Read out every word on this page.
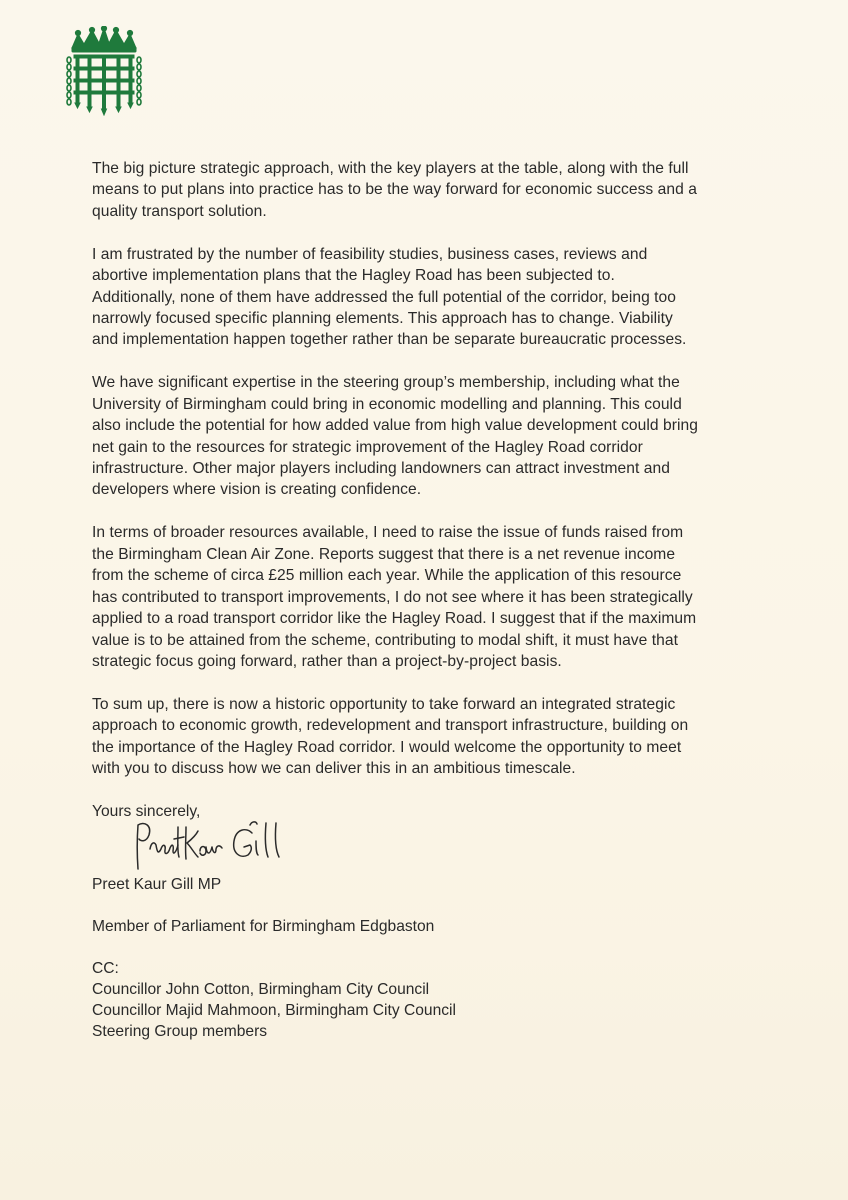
The big picture strategic approach, with the key players at the table, along with the full
means to put plans into practice has to be the way forward for economic success and a
quality transport solution.

I am frustrated by the number of feasibility studies, business cases, reviews and
abortive implementation plans that the Hagley Road has been subjected to.
Additionally, none of them have addressed the full potential of the corridor, being too
narrowly focused specific planning elements. This approach has to change. Viability
and implementation happen together rather than be separate bureaucratic processes.

We have significant expertise in the steering group’s membership, including what the
University of Birmingham could bring in economic modelling and planning. This could
also include the potential for how added value from high value development could bring
net gain to the resources for strategic improvement of the Hagley Road corridor
infrastructure. Other major players including landowners can attract investment and
developers where vision is creating confidence.

In terms of broader resources available, I need to raise the issue of funds raised from
the Birmingham Clean Air Zone. Reports suggest that there is a net revenue income
from the scheme of circa £25 million each year. While the application of this resource
has contributed to transport improvements, I do not see where it has been strategically
applied to a road transport corridor like the Hagley Road. I suggest that if the maximum
value is to be attained from the scheme, contributing to modal shift, it must have that
strategic focus going forward, rather than a project-by-project basis.

To sum up, there is now a historic opportunity to take forward an integrated strategic
approach to economic growth, redevelopment and transport infrastructure, building on
the importance of the Hagley Road corridor. I would welcome the opportunity to meet
with you to discuss how we can deliver this in an ambitious timescale.

Yours sincerely,

Preet Kaur Gill MP
Member of Parliament for Birmingham Edgbaston
CC:
Councillor John Cotton, Birmingham City Council
Councillor Majid Mahmoon, Birmingham City Council
Steering Group members
